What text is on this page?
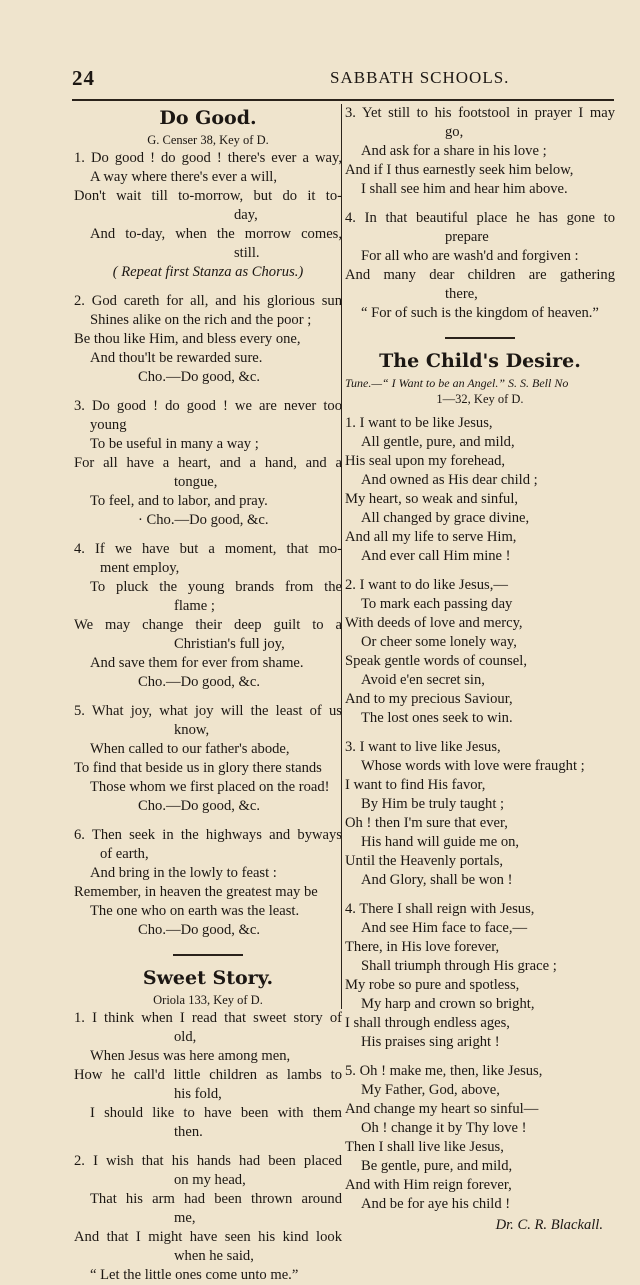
24	SABBATH SCHOOLS.
Do Good.
G. Censer 38, Key of D.
1. Do good ! do good ! there's ever a way,
A way where there's ever a will,
Don't wait till to-morrow, but do it to-
day,
And to-day, when the morrow comes,
still.
( Repeat first Stanza as Chorus.)
2. God careth for all, and his glorious sun
Shines alike on the rich and the poor ;
Be thou like Him, and bless every one,
And thou'lt be rewarded sure.
Cho.—Do good, &c.
3. Do good ! do good ! we are never too
young
To be useful in many a way ;
For all have a heart, and a hand, and a
tongue,
To feel, and to labor, and pray.
· Cho.—Do good, &c.
4. If we have but a moment, that mo-
ment employ,
To pluck the young brands from the
flame ;
We may change their deep guilt to a
Christian's full joy,
And save them for ever from shame.
Cho.—Do good, &c.
5. What joy, what joy will the least of us
know,
When called to our father's abode,
To find that beside us in glory there stands
Those whom we first placed on the road!
Cho.—Do good, &c.
6. Then seek in the highways and byways
of earth,
And bring in the lowly to feast :
Remember, in heaven the greatest may be
The one who on earth was the least.
Cho.—Do good, &c.
Sweet Story.
Oriola 133, Key of D.
1. I think when I read that sweet story of
old,
When Jesus was here among men,
How he call'd little children as lambs to
his fold,
I should like to have been with them
then.
2. I wish that his hands had been placed
on my head,
That his arm had been thrown around
me,
And that I might have seen his kind look
when he said,
“ Let the little ones come unto me.”
3. Yet still to his footstool in prayer I may
go,
And ask for a share in his love ;
And if I thus earnestly seek him below,
I shall see him and hear him above.
4. In that beautiful place he has gone to
prepare
For all who are wash'd and forgiven :
And many dear children are gathering
there,
“ For of such is the kingdom of heaven.”
The Child's Desire.
Tune.—“ I Want to be an Angel.” S. S. Bell No
1—32, Key of D.
1. I want to be like Jesus,
All gentle, pure, and mild,
His seal upon my forehead,
And owned as His dear child ;
My heart, so weak and sinful,
All changed by grace divine,
And all my life to serve Him,
And ever call Him mine !
2. I want to do like Jesus,—
To mark each passing day
With deeds of love and mercy,
Or cheer some lonely way,
Speak gentle words of counsel,
Avoid e'en secret sin,
And to my precious Saviour,
The lost ones seek to win.
3. I want to live like Jesus,
Whose words with love were fraught ;
I want to find His favor,
By Him be truly taught ;
Oh ! then I'm sure that ever,
His hand will guide me on,
Until the Heavenly portals,
And Glory, shall be won !
4. There I shall reign with Jesus,
And see Him face to face,—
There, in His love forever,
Shall triumph through His grace ;
My robe so pure and spotless,
My harp and crown so bright,
I shall through endless ages,
His praises sing aright !
5. Oh ! make me, then, like Jesus,
My Father, God, above,
And change my heart so sinful—
Oh ! change it by Thy love !
Then I shall live like Jesus,
Be gentle, pure, and mild,
And with Him reign forever,
And be for aye his child !
Dr. C. R. Blackall.
